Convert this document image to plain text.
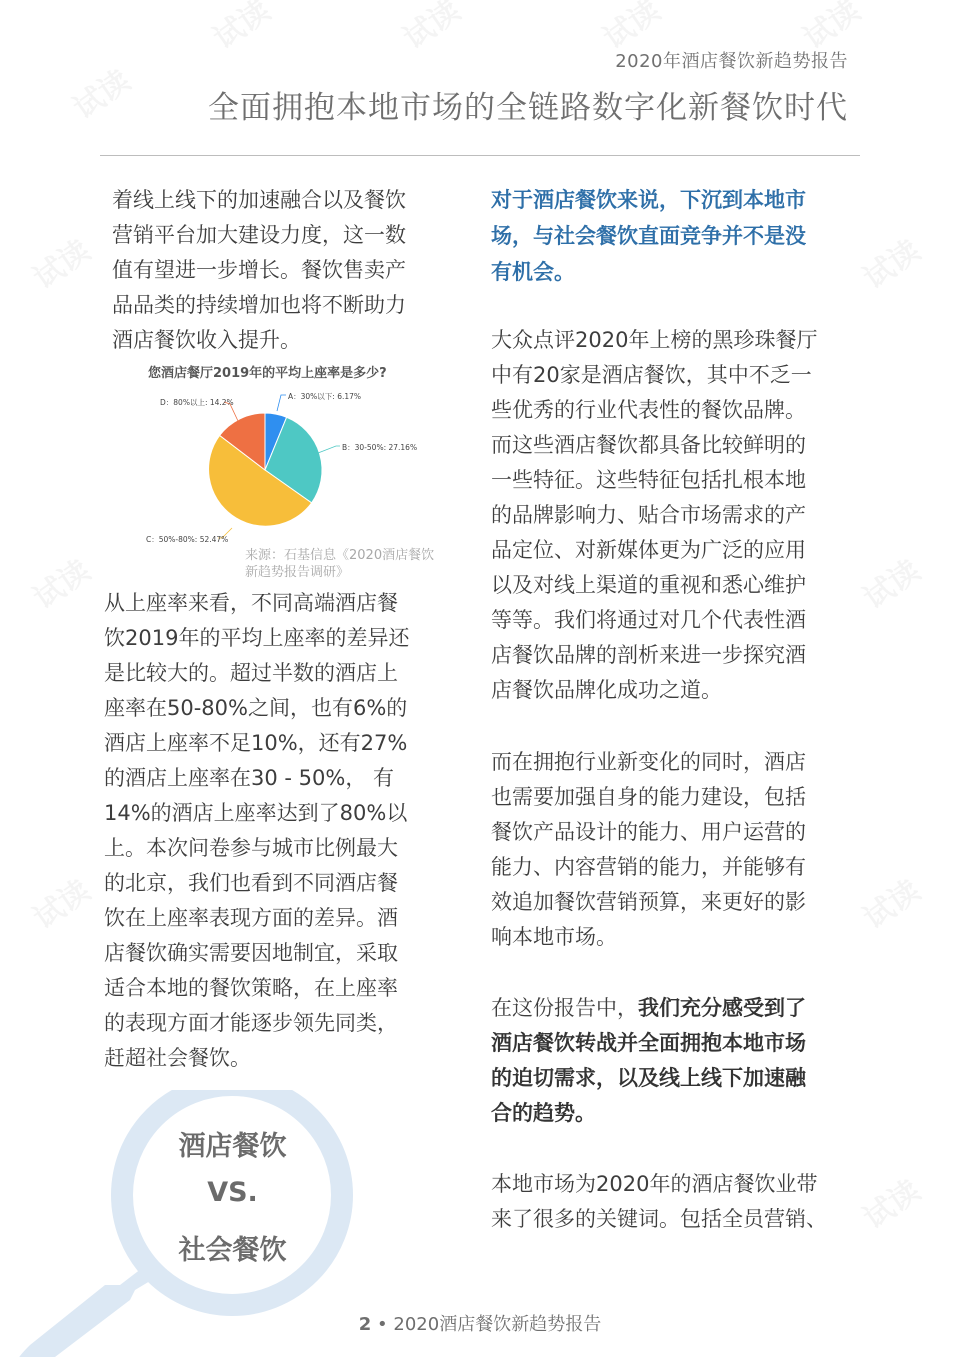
2020年酒店餐饮新趋势报告
全面拥抱本地市场的全链路数字化新餐饮时代
着线上线下的加速融合以及餐饮
营销平台加大建设力度，这一数
值有望进一步增长。餐饮售卖产
品品类的持续增加也将不断助力
酒店餐饮收入提升。
您酒店餐厅2019年的平均上座率是多少?
A：30%以下: 6.17%
B：30-50%: 27.16%
C：50%-80%: 52.47%
D：80%以上: 14.2%
来源：石基信息《2020酒店餐饮新趋势报告调研》
从上座率来看，不同高端酒店餐
饮2019年的平均上座率的差异还
是比较大的。超过半数的酒店上
座率在50-80%之间，也有6%的
酒店上座率不足10%，还有27%
的酒店上座率在30 - 50%， 有
14%的酒店上座率达到了80%以
上。本次问卷参与城市比例最大
的北京，我们也看到不同酒店餐
饮在上座率表现方面的差异。酒
店餐饮确实需要因地制宜，采取
适合本地的餐饮策略，在上座率
的表现方面才能逐步领先同类，
赶超社会餐饮。
酒店餐饮
VS.
社会餐饮
对于酒店餐饮来说，下沉到本地市
场，与社会餐饮直面竞争并不是没
有机会。
大众点评2020年上榜的黑珍珠餐厅
中有20家是酒店餐饮，其中不乏一
些优秀的行业代表性的餐饮品牌。
而这些酒店餐饮都具备比较鲜明的
一些特征。这些特征包括扎根本地
的品牌影响力、贴合市场需求的产
品定位、对新媒体更为广泛的应用
以及对线上渠道的重视和悉心维护
等等。我们将通过对几个代表性酒
店餐饮品牌的剖析来进一步探究酒
店餐饮品牌化成功之道。
而在拥抱行业新变化的同时，酒店
也需要加强自身的能力建设，包括
餐饮产品设计的能力、用户运营的
能力、内容营销的能力，并能够有
效追加餐饮营销预算，来更好的影
响本地市场。
在这份报告中，我们充分感受到了
酒店餐饮转战并全面拥抱本地市场
的迫切需求，以及线上线下加速融
合的趋势。
本地市场为2020年的酒店餐饮业带
来了很多的关键词。包括全员营销、
2 • 2020酒店餐饮新趋势报告
